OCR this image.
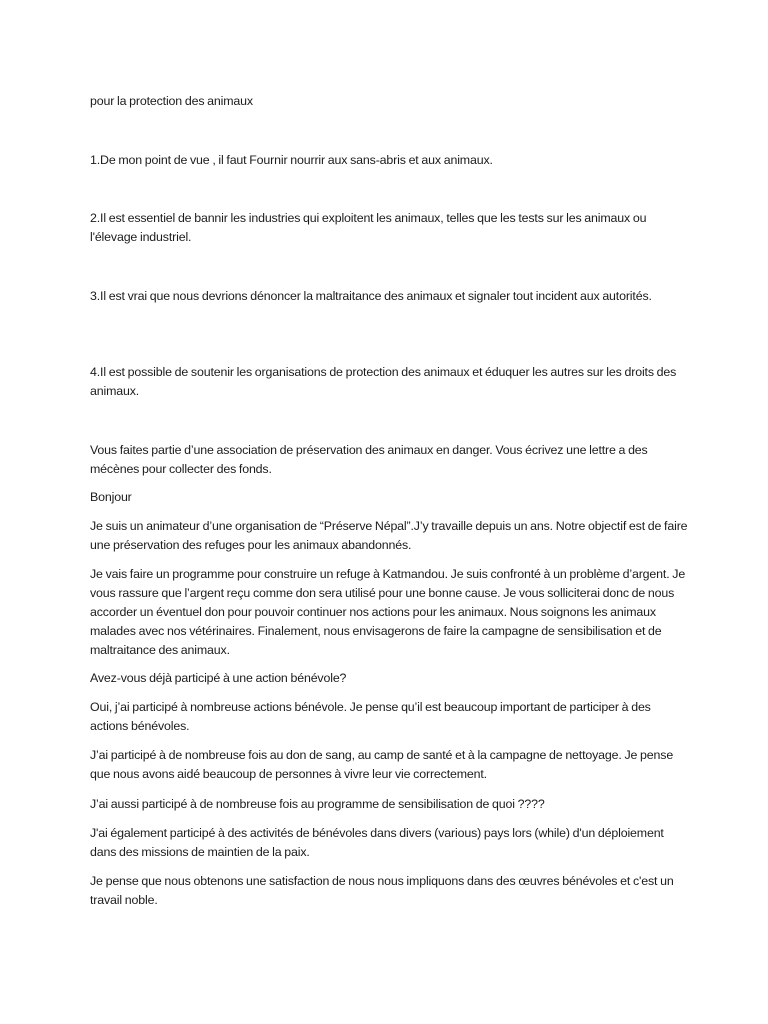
pour la protection des animaux

1.De mon point de vue , il faut Fournir nourrir aux sans-abris et aux animaux.

2.Il est essentiel de bannir les industries qui exploitent les animaux, telles que les tests sur les animaux ou l'élevage industriel.

3.Il est vrai que nous devrions dénoncer la maltraitance des animaux et signaler tout incident aux autorités.

4.Il est possible de soutenir les organisations de protection des animaux et éduquer les autres sur les droits des animaux.

Vous faites partie d’une association de préservation des animaux en danger. Vous écrivez une lettre a des mécènes pour collecter des fonds.

Bonjour

Je suis un animateur d’une organisation de “Préserve Népal”.J’y travaille depuis un ans. Notre objectif est de faire une préservation des refuges pour les animaux abandonnés.

Je vais faire un programme pour construire un refuge à Katmandou. Je suis confronté à un problème d’argent. Je vous rassure que l’argent reçu comme don sera utilisé pour une bonne cause. Je vous solliciterai donc de nous accorder un éventuel don pour pouvoir continuer nos actions pour les animaux. Nous soignons les animaux malades avec nos vétérinaires. Finalement, nous envisagerons de faire la campagne de sensibilisation et de maltraitance des animaux.

Avez-vous déjà participé à une action bénévole?

Oui, j’ai participé à nombreuse actions bénévole. Je pense qu’il est beaucoup important de participer à des actions bénévoles.

J’ai participé à de nombreuse fois au don de sang, au camp de santé et à la campagne de nettoyage. Je pense que nous avons aidé beaucoup de personnes à vivre leur vie correctement.

J’ai aussi participé à de nombreuse fois au programme de sensibilisation de quoi ????

J'ai également participé à des activités de bénévoles dans divers (various) pays lors (while) d'un déploiement dans des missions de maintien de la paix.

Je pense que nous obtenons une satisfaction de nous nous impliquons dans des œuvres bénévoles et c'est un travail noble.
